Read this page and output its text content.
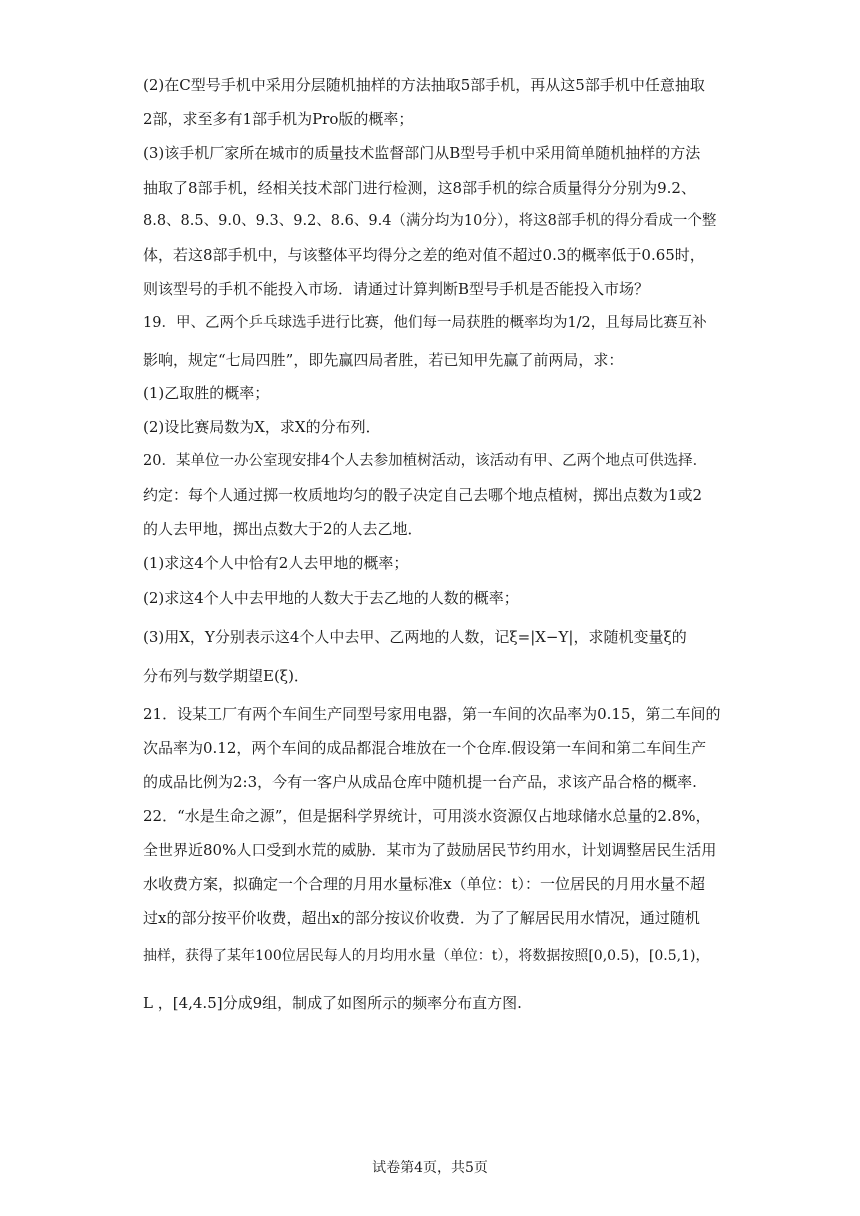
(2)在C型号手机中采用分层随机抽样的方法抽取5部手机，再从这5部手机中任意抽取
2部，求至多有1部手机为Pro版的概率；
(3)该手机厂家所在城市的质量技术监督部门从B型号手机中采用简单随机抽样的方法
抽取了8部手机，经相关技术部门进行检测，这8部手机的综合质量得分分别为9.2、
8.8、8.5、9.0、9.3、9.2、8.6、9.4（满分均为10分），将这8部手机的得分看成一个整
体，若这8部手机中，与该整体平均得分之差的绝对值不超过0.3的概率低于0.65时，
则该型号的手机不能投入市场．请通过计算判断B型号手机是否能投入市场？
19．甲、乙两个乒乓球选手进行比赛，他们每一局获胜的概率均为1/2，且每局比赛互补
影响，规定“七局四胜”，即先赢四局者胜，若已知甲先赢了前两局，求：
(1)乙取胜的概率；
(2)设比赛局数为X，求X的分布列．
20．某单位一办公室现安排4个人去参加植树活动，该活动有甲、乙两个地点可供选择．
约定：每个人通过掷一枚质地均匀的骰子决定自己去哪个地点植树，掷出点数为1或2
的人去甲地，掷出点数大于2的人去乙地．
(1)求这4个人中恰有2人去甲地的概率；
(2)求这4个人中去甲地的人数大于去乙地的人数的概率；
(3)用X，Y分别表示这4个人中去甲、乙两地的人数，记ξ=|X−Y|，求随机变量ξ的
分布列与数学期望E(ξ)．
21．设某工厂有两个车间生产同型号家用电器，第一车间的次品率为0.15，第二车间的
次品率为0.12，两个车间的成品都混合堆放在一个仓库.假设第一车间和第二车间生产
的成品比例为2:3，今有一客户从成品仓库中随机提一台产品，求该产品合格的概率.
22．“水是生命之源”，但是据科学界统计，可用淡水资源仅占地球储水总量的2.8%，
全世界近80%人口受到水荒的威胁．某市为了鼓励居民节约用水，计划调整居民生活用
水收费方案，拟确定一个合理的月用水量标准x（单位：t）：一位居民的月用水量不超
过x的部分按平价收费，超出x的部分按议价收费．为了了解居民用水情况，通过随机
抽样，获得了某年100位居民每人的月均用水量（单位：t），将数据按照[0,0.5)，[0.5,1)，
L ，[4,4.5]分成9组，制成了如图所示的频率分布直方图.
试卷第4页，共5页
